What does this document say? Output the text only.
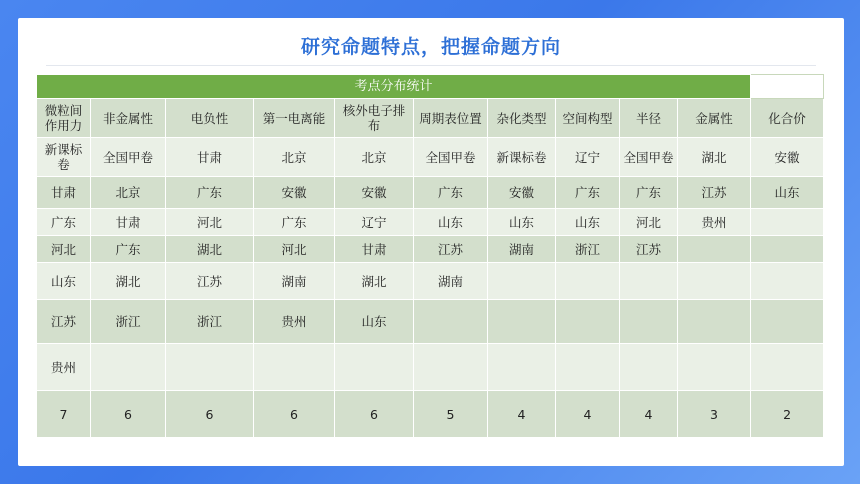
研究命题特点，把握命题方向
考点分布统计										
微粒间作用力	非金属性	电负性	第一电离能	核外电子排布	周期表位置	杂化类型	空间构型	半径	金属性	化合价
新课标卷	全国甲卷	甘肃	北京	北京	全国甲卷	新课标卷	辽宁	全国甲卷	湖北	安徽
甘肃	北京	广东	安徽	安徽	广东	安徽	广东	广东	江苏	山东
广东	甘肃	河北	广东	辽宁	山东	山东	山东	河北	贵州	
河北	广东	湖北	河北	甘肃	江苏	湖南	浙江	江苏		
山东	湖北	江苏	湖南	湖北	湖南					
江苏	浙江	浙江	贵州	山东						
贵州										
7	6	6	6	6	5	4	4	4	3	2
